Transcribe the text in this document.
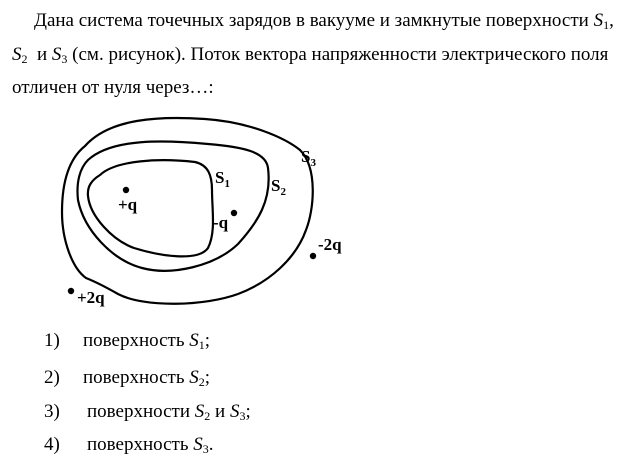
Дана система точечных зарядов в вакууме и замкнутые поверхности $S_1$,
$S_2$  и $S_3$ (см. рисунок). Поток вектора напряженности электрического поля
отличен от нуля через…:
$S_1$ $S_2$
$S_3$
+q
-q
-2q
+2q
1) поверхность $S_1$;
2) поверхность $S_2$;
3) поверхности $S_2$ и $S_3$;
4) поверхность $S_3$.
